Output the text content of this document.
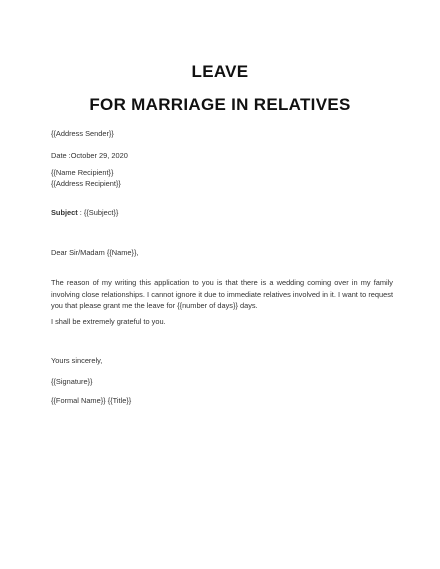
LEAVE
FOR MARRIAGE IN RELATIVES
{{Address Sender}}
Date :October 29, 2020
{{Name Recipient}}
{{Address Recipient}}
Subject : {{Subject}}
Dear Sir/Madam {{Name}},
The reason of my writing this application to you is that there is a wedding coming over in my family involving close relationships. I cannot ignore it due to immediate relatives involved in it. I want to request you that please grant me the leave for {{number of days}} days.
I shall be extremely grateful to you.
Yours sincerely,
{{Signature}}
{{Formal Name}} {{Title}}
